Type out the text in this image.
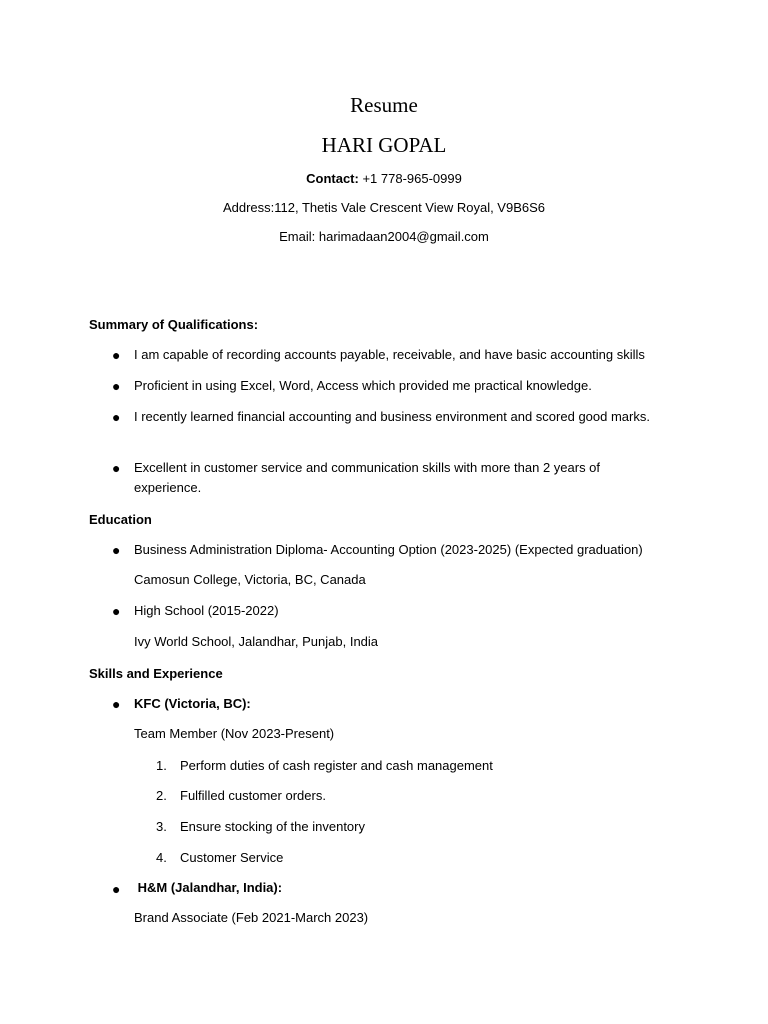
Resume
HARI GOPAL
Contact: +1 778-965-0999
Address:112, Thetis Vale Crescent View Royal, V9B6S6
Email: harimadaan2004@gmail.com
Summary of Qualifications:
● I am capable of recording accounts payable, receivable, and have basic accounting skills
● Proficient in using Excel, Word, Access which provided me practical knowledge.
● I recently learned financial accounting and business environment and scored good marks.
● Excellent in customer service and communication skills with more than 2 years of experience.
Education
● Business Administration Diploma- Accounting Option (2023-2025) (Expected graduation)
Camosun College, Victoria, BC, Canada
● High School (2015-2022)
Ivy World School, Jalandhar, Punjab, India
Skills and Experience
● KFC (Victoria, BC):
Team Member (Nov 2023-Present)
1. Perform duties of cash register and cash management
2. Fulfilled customer orders.
3. Ensure stocking of the inventory
4. Customer Service
● H&M (Jalandhar, India):
Brand Associate (Feb 2021-March 2023)
